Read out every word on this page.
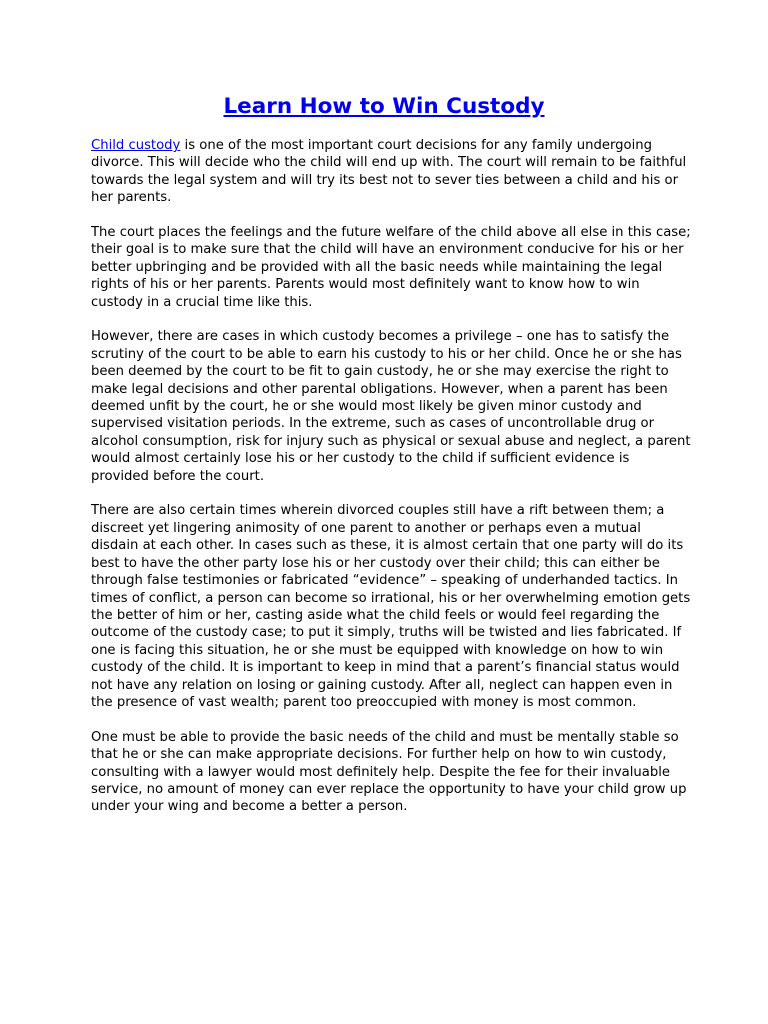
Learn How to Win Custody

Child custody is one of the most important court decisions for any family undergoing divorce. This will decide who the child will end up with. The court will remain to be faithful towards the legal system and will try its best not to sever ties between a child and his or her parents.

The court places the feelings and the future welfare of the child above all else in this case; their goal is to make sure that the child will have an environment conducive for his or her better upbringing and be provided with all the basic needs while maintaining the legal rights of his or her parents. Parents would most definitely want to know how to win custody in a crucial time like this.

However, there are cases in which custody becomes a privilege – one has to satisfy the scrutiny of the court to be able to earn his custody to his or her child. Once he or she has been deemed by the court to be fit to gain custody, he or she may exercise the right to make legal decisions and other parental obligations. However, when a parent has been deemed unfit by the court, he or she would most likely be given minor custody and supervised visitation periods. In the extreme, such as cases of uncontrollable drug or alcohol consumption, risk for injury such as physical or sexual abuse and neglect, a parent would almost certainly lose his or her custody to the child if sufficient evidence is provided before the court.

There are also certain times wherein divorced couples still have a rift between them; a discreet yet lingering animosity of one parent to another or perhaps even a mutual disdain at each other. In cases such as these, it is almost certain that one party will do its best to have the other party lose his or her custody over their child; this can either be through false testimonies or fabricated “evidence” – speaking of underhanded tactics. In times of conflict, a person can become so irrational, his or her overwhelming emotion gets the better of him or her, casting aside what the child feels or would feel regarding the outcome of the custody case; to put it simply, truths will be twisted and lies fabricated. If one is facing this situation, he or she must be equipped with knowledge on how to win custody of the child. It is important to keep in mind that a parent’s financial status would not have any relation on losing or gaining custody. After all, neglect can happen even in the presence of vast wealth; parent too preoccupied with money is most common.

One must be able to provide the basic needs of the child and must be mentally stable so that he or she can make appropriate decisions. For further help on how to win custody, consulting with a lawyer would most definitely help. Despite the fee for their invaluable service, no amount of money can ever replace the opportunity to have your child grow up under your wing and become a better a person.
